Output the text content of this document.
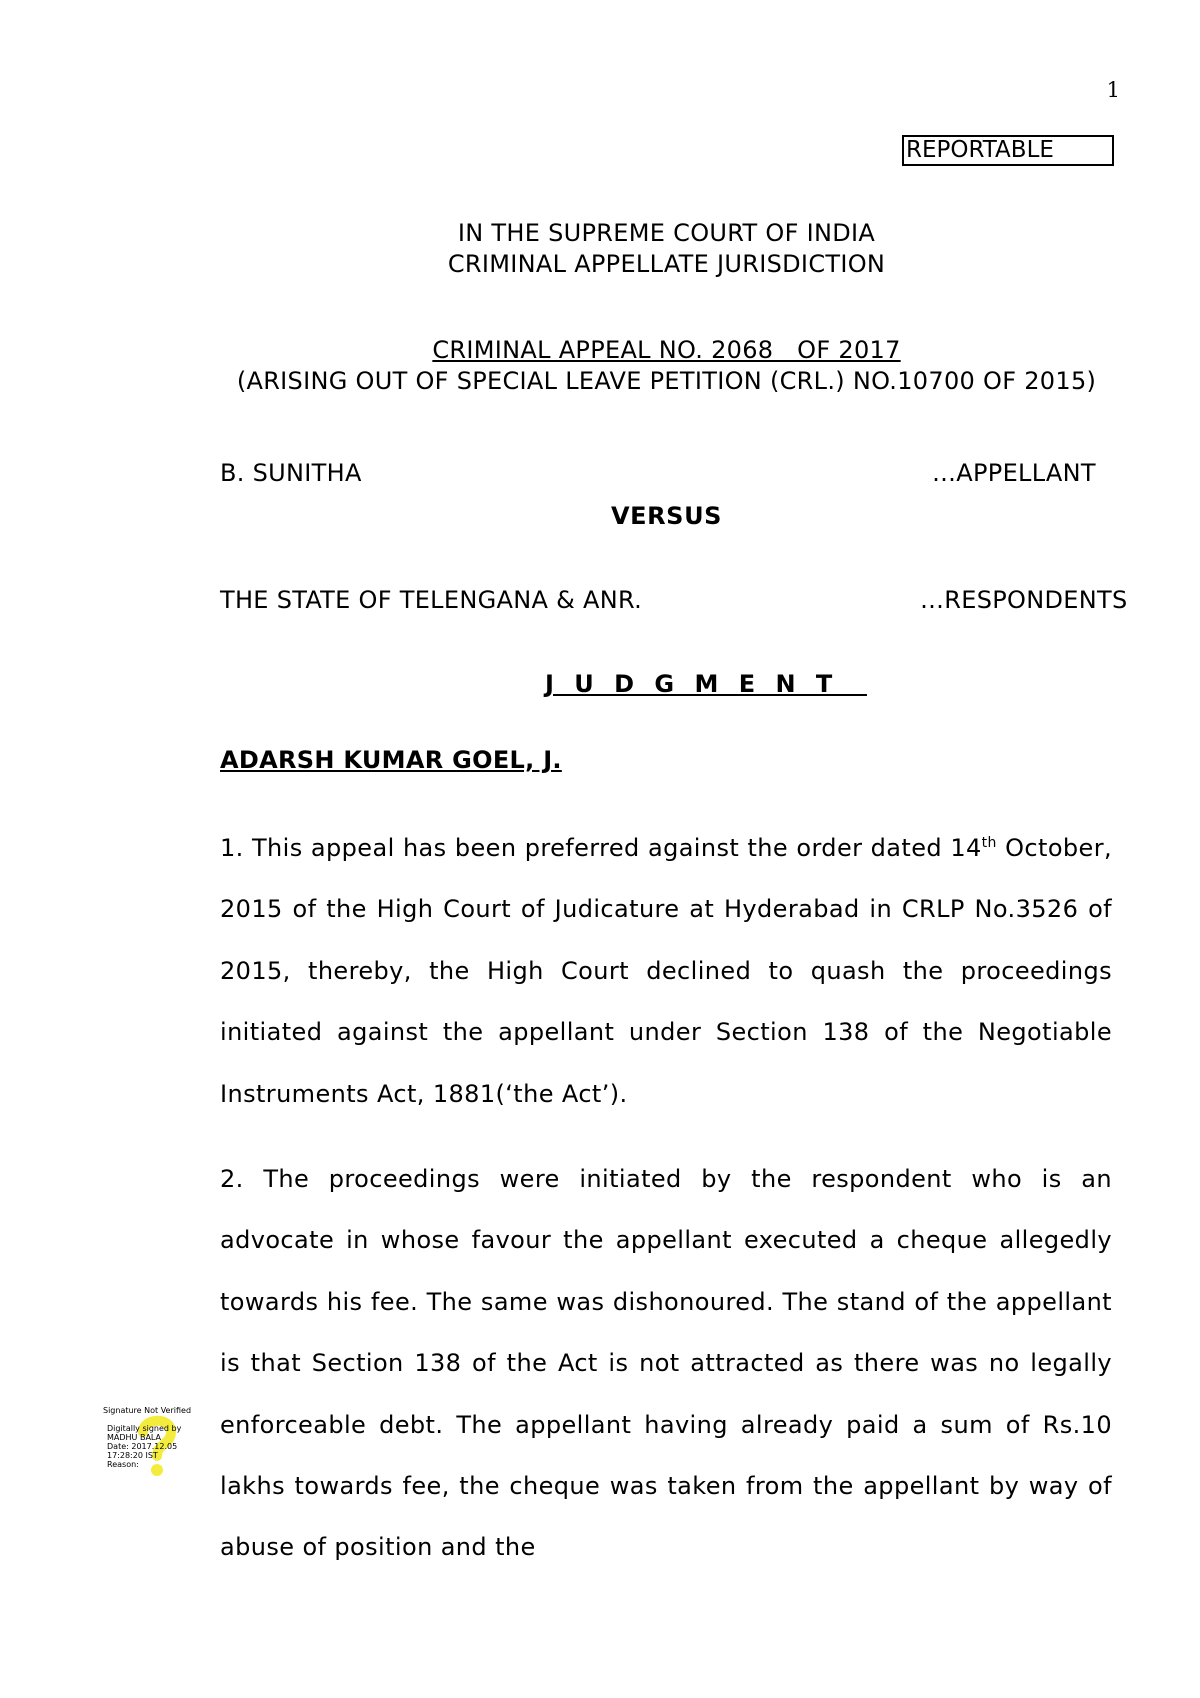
1
REPORTABLE
IN THE SUPREME COURT OF INDIA
CRIMINAL APPELLATE JURISDICTION
CRIMINAL APPEAL NO. 2068   OF 2017
(ARISING OUT OF SPECIAL LEAVE PETITION (CRL.) NO.10700 OF 2015)
B. SUNITHA	…APPELLANT
VERSUS
THE STATE OF TELENGANA & ANR.	…RESPONDENTS
J U D G M E N T
ADARSH KUMAR GOEL, J.

1. This appeal has been preferred against the order dated 14th October, 2015 of the High Court of Judicature at Hyderabad in CRLP No.3526 of 2015, thereby, the High Court declined to quash the proceedings initiated against the appellant under Section 138 of the Negotiable Instruments Act, 1881(‘the Act’).

2. The proceedings were initiated by the respondent who is an advocate in whose favour the appellant executed a cheque allegedly towards his fee. The same was dishonoured. The stand of the appellant is that Section 138 of the Act is not attracted as there was no legally enforceable debt. The appellant having already paid a sum of Rs.10 lakhs towards fee, the cheque was taken from the appellant by way of abuse of position and the

Signature Not Verified
Digitally signed by
MADHU BALA
Date: 2017.12.05
17:28:20 IST
Reason:
